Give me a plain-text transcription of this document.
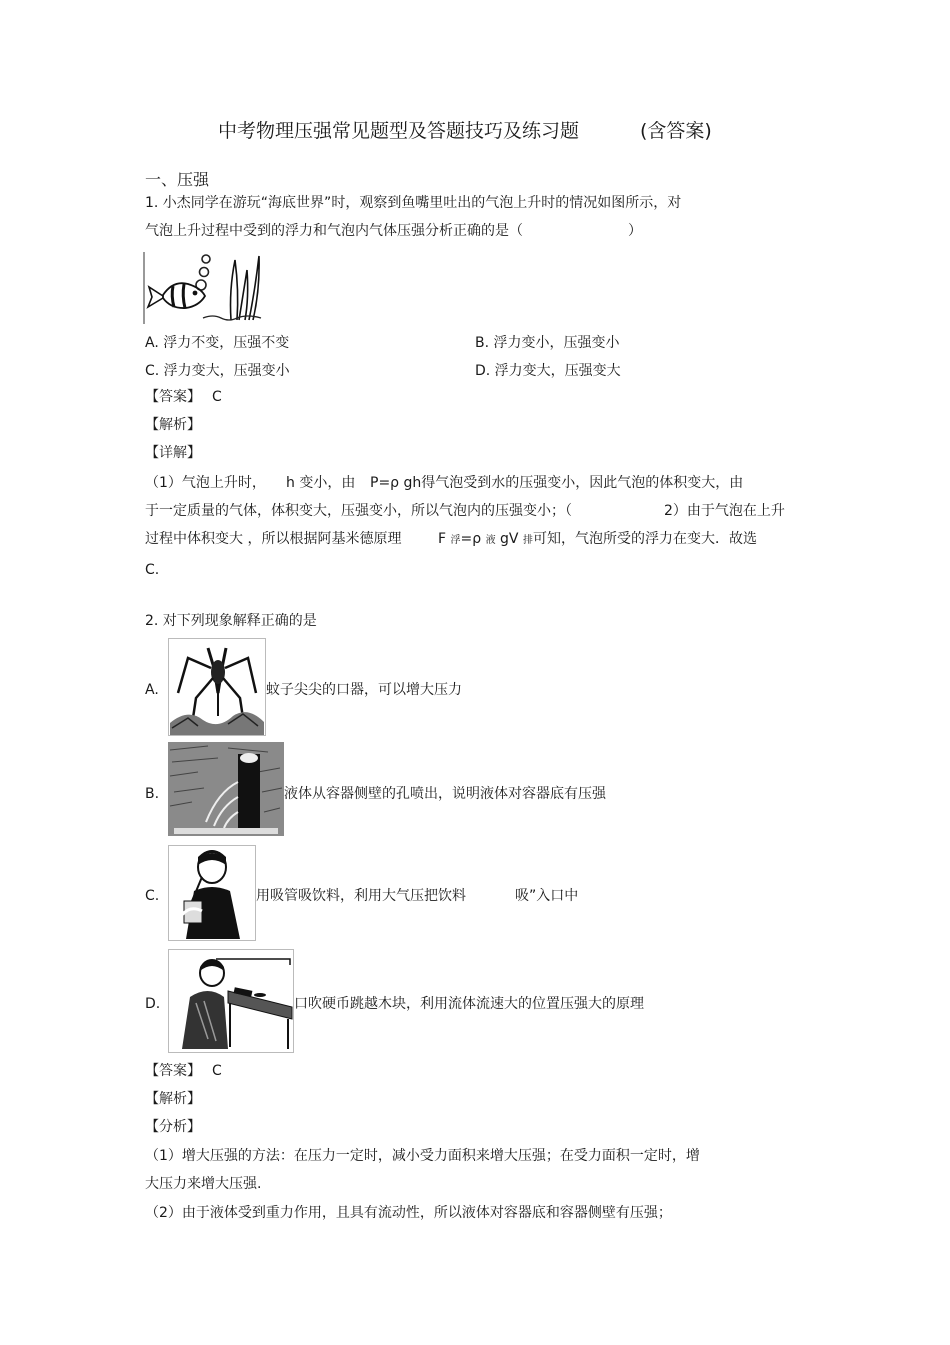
中考物理压强常见题型及答题技巧及练习题	(含答案)
一、压强
1. 小杰同学在游玩“海底世界”时，观察到鱼嘴里吐出的气泡上升时的情况如图所示，对
气泡上升过程中受到的浮力和气泡内气体压强分析正确的是（	）
A. 浮力不变，压强不变	B. 浮力变小，压强变小
C. 浮力变大，压强变小	D. 浮力变大，压强变大
【答案】 C
【解析】
【详解】
（1）气泡上升时， h 变小，由 P=ρ gh得气泡受到水的压强变小，因此气泡的体积变大，由
于一定质量的气体，体积变大，压强变小，所以气泡内的压强变小；（	2）由于气泡在上升
过程中体积变大 ，所以根据阿基米德原理	F 浮=ρ 液 gV 排可知，气泡所受的浮力在变大．故选
C.
2. 对下列现象解释正确的是
A.	蚊子尖尖的口器，可以增大压力
B.	液体从容器侧壁的孔喷出，说明液体对容器底有压强
C.	用吸管吸饮料，利用大气压把饮料	吸”入口中
D.	口吹硬币跳越木块，利用流体流速大的位置压强大的原理
【答案】 C
【解析】
【分析】
（1）增大压强的方法：在压力一定时，减小受力面积来增大压强；在受力面积一定时，增
大压力来增大压强.
（2）由于液体受到重力作用，且具有流动性，所以液体对容器底和容器侧壁有压强；
